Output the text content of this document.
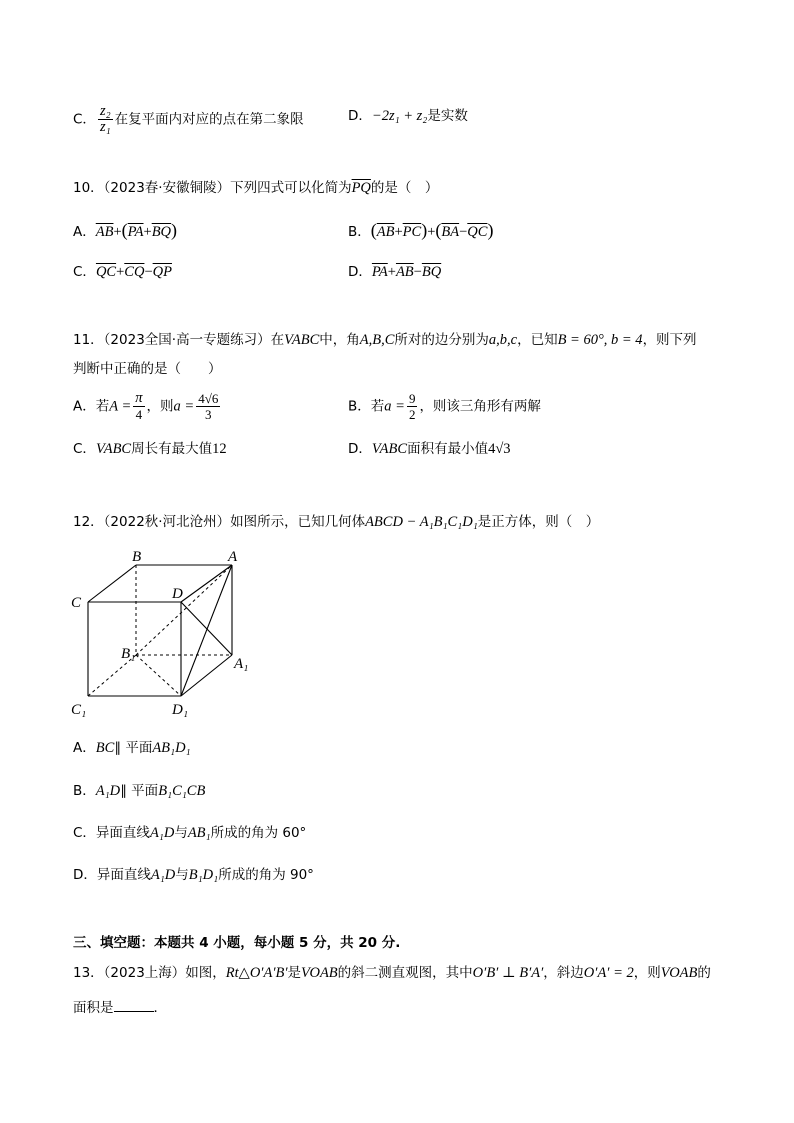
C． $\frac{\text{z₂}}{\text{z₁}}$ 在复平面内对应的点在第二象限	D．−2z₁ + z₂是实数
10．（2023春·安徽铜陵）下列四式可以化简为$\overline{PQ}$的是（　）
A．$\overline{AB}+(\overline{PA}+\overline{BQ})$	B．$(\overline{AB}+\overline{PC})+(\overline{BA}-\overline{QC})$
C．$\overline{QC}+\overline{CQ}-\overline{QP}$	D．$\overline{PA}+\overline{AB}-\overline{BQ}$
11．（2023全国·高一专题练习）在VABC中，角A,B,C所对的边分别为a,b,c，已知B = 60°, b = 4，则下列
判断中正确的是（　　）
A．若$A = \frac{\pi}{4}$ ，则$a = \frac{4√6}{3}$	B．若$a = \frac{9}{2}$ ，则该三角形有两解
C．VABC周长有最大值12	D．VABC面积有最小值4√3
12．（2022秋·河北沧州）如图所示，已知几何体ABCD − A₁B₁C₁D₁是正方体，则（　）
B	A
C
D
B₁
A₁
C₁	D₁
A．BC∥ 平面AB₁D₁
B．A₁D∥ 平面B₁C₁CB
C．异面直线A₁D与AB₁所成的角为 60°
D．异面直线A₁D与B₁D₁所成的角为 90°
三、填空题：本题共 4 小题，每小题 5 分，共 20 分.
13．（2023上海）如图，Rt△O′A′B′是VOAB的斜二测直观图，其中O′B′ ⊥ B′A′，斜边O′A′ = 2，则VOAB的
面积是	．
